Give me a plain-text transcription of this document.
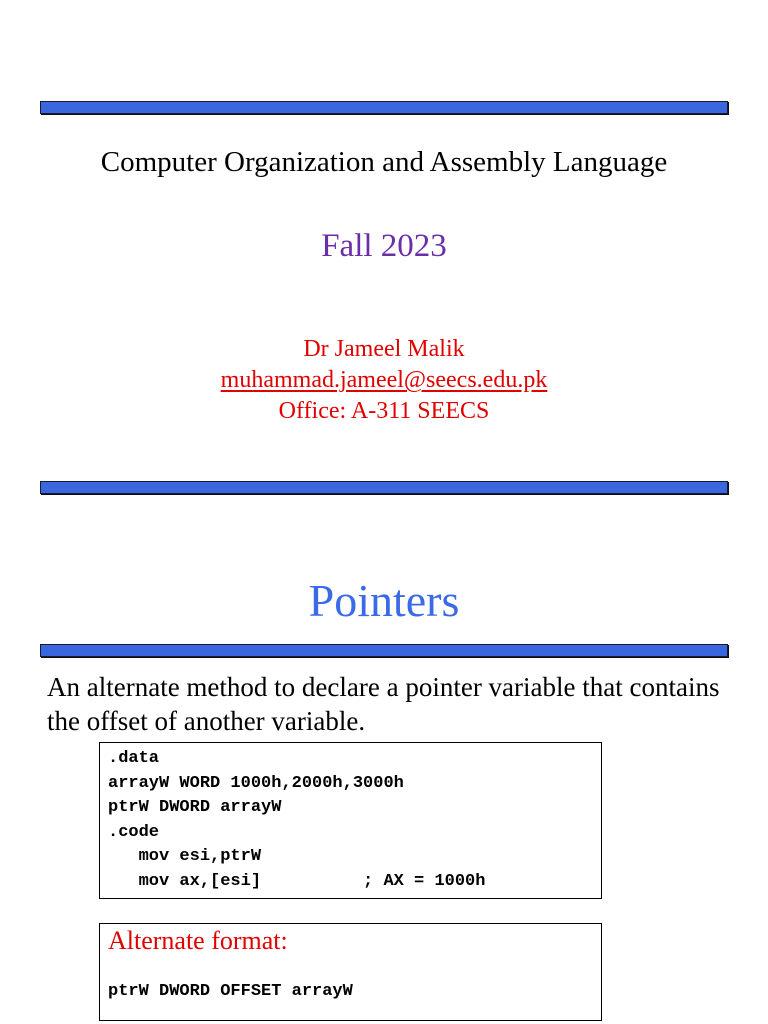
Computer Organization and Assembly Language
Fall 2023
Dr Jameel Malik
muhammad.jameel@seecs.edu.pk
Office: A-311 SEECS
Pointers
An alternate method to declare a pointer variable that contains the offset of another variable.
.data
arrayW WORD 1000h,2000h,3000h
ptrW DWORD arrayW
.code
mov esi,ptrW
mov ax,[esi]          ; AX = 1000h
Alternate format:
ptrW DWORD OFFSET arrayW
